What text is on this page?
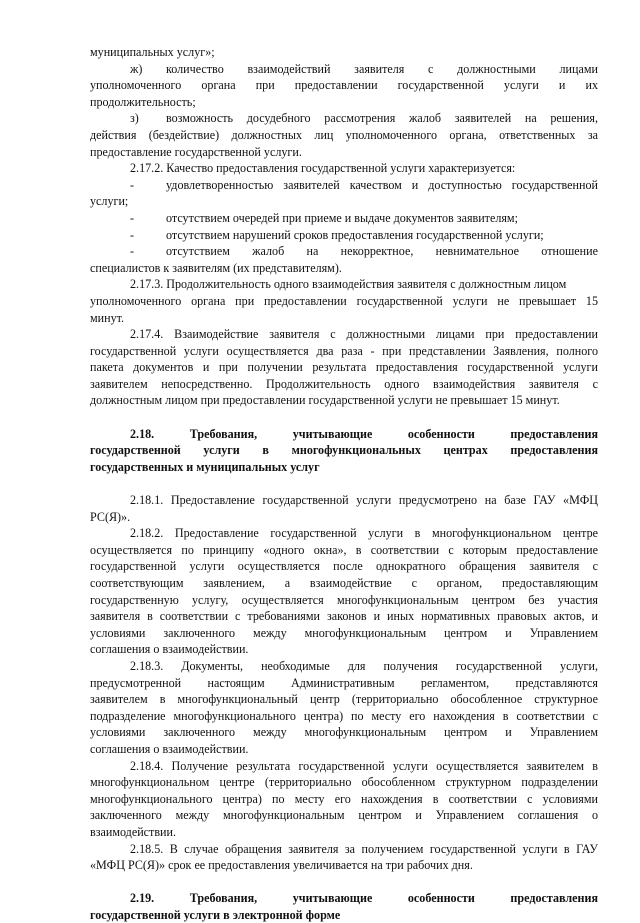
муниципальных услуг»;
ж) количество взаимодействий заявителя с должностными лицами
уполномоченного органа при предоставлении государственной услуги и их
продолжительность;
з) возможность досудебного рассмотрения жалоб заявителей на решения,
действия (бездействие) должностных лиц уполномоченного органа, ответственных за
предоставление государственной услуги.
2.17.2. Качество предоставления государственной услуги характеризуется:
-	удовлетворенностью заявителей качеством и доступностью государственной
услуги;
-	отсутствием очередей при приеме и выдаче документов заявителям;
-	отсутствием нарушений сроков предоставления государственной услуги;
-	отсутствием жалоб на некорректное, невнимательное отношение
специалистов к заявителям (их представителям).
2.17.3. Продолжительность одного взаимодействия заявителя с должностным лицом
уполномоченного органа при предоставлении государственной услуги не превышает 15
минут.
2.17.4. Взаимодействие заявителя с должностными лицами при предоставлении
государственной услуги осуществляется два раза - при представлении Заявления, полного
пакета документов и при получении результата предоставления государственной услуги
заявителем непосредственно. Продолжительность одного взаимодействия заявителя с
должностным лицом при предоставлении государственной услуги не превышает 15 минут.
2.18. Требования, учитывающие особенности предоставления
государственной услуги в многофункциональных центрах предоставления
государственных и муниципальных услуг
2.18.1. Предоставление государственной услуги предусмотрено на базе ГАУ «МФЦ
РС(Я)».
2.18.2. Предоставление государственной услуги в многофункциональном центре
осуществляется по принципу «одного окна», в соответствии с которым предоставление
государственной услуги осуществляется после однократного обращения заявителя с
соответствующим заявлением, а взаимодействие с органом, предоставляющим
государственную услугу, осуществляется многофункциональным центром без участия
заявителя в соответствии с требованиями законов и иных нормативных правовых актов, и
условиями заключенного между многофункциональным центром и Управлением
соглашения о взаимодействии.
2.18.3. Документы, необходимые для получения государственной услуги,
предусмотренной настоящим Административным регламентом, представляются
заявителем в многофункциональный центр (территориально обособленное структурное
подразделение многофункционального центра) по месту его нахождения в соответствии с
условиями заключенного между многофункциональным центром и Управлением
соглашения о взаимодействии.
2.18.4. Получение результата государственной услуги осуществляется заявителем в
многофункциональном центре (территориально обособленном структурном подразделении
многофункционального центра) по месту его нахождения в соответствии с условиями
заключенного между многофункциональным центром и Управлением соглашения о
взаимодействии.
2.18.5. В случае обращения заявителя за получением государственной услуги в ГАУ
«МФЦ РС(Я)» срок ее предоставления увеличивается на три рабочих дня.
2.19. Требования, учитывающие особенности предоставления
государственной услуги в электронной форме
